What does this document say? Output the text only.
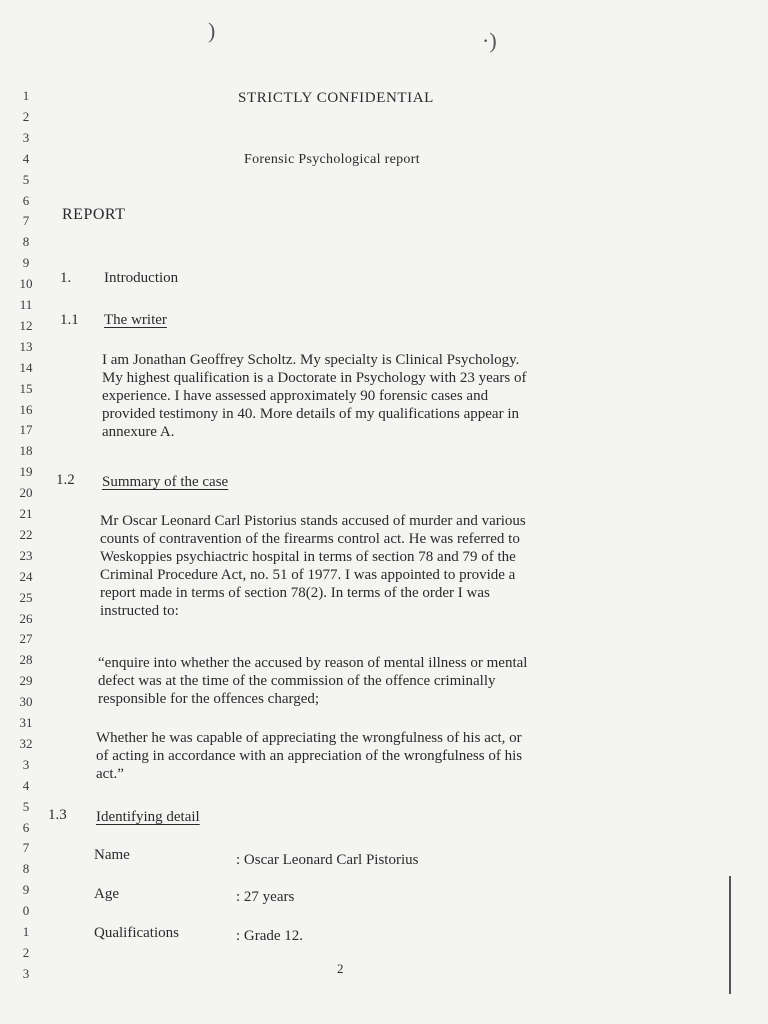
)	·)
STRICTLY CONFIDENTIAL
Forensic Psychological report
REPORT
1
2
3
4
5
6
7
8
9
10
11
12
13
14
15
16
17
18
19
20
21
22
23
24
25
26
27
28
29
30
31
32
3
4
5
6
7
8
9
0
1
2
3
1. Introduction
1.1 The writer
I am Jonathan Geoffrey Scholtz. My specialty is Clinical Psychology.
My highest qualification is a Doctorate in Psychology with 23 years of
experience. I have assessed approximately 90 forensic cases and
provided testimony in 40. More details of my qualifications appear in
annexure A.
1.2 Summary of the case
Mr Oscar Leonard Carl Pistorius stands accused of murder and various
counts of contravention of the firearms control act. He was referred to
Weskoppies psychiactric hospital in terms of section 78 and 79 of the
Criminal Procedure Act, no. 51 of 1977. I was appointed to provide a
report made in terms of section 78(2). In terms of the order I was
instructed to:
“enquire into whether the accused by reason of mental illness or mental
defect was at the time of the commission of the offence criminally
responsible for the offences charged;
Whether he was capable of appreciating the wrongfulness of his act, or
of acting in accordance with an appreciation of the wrongfulness of his
act.”
1.3 Identifying detail
Name	: Oscar Leonard Carl Pistorius
Age	: 27 years
Qualifications	: Grade 12.
2
